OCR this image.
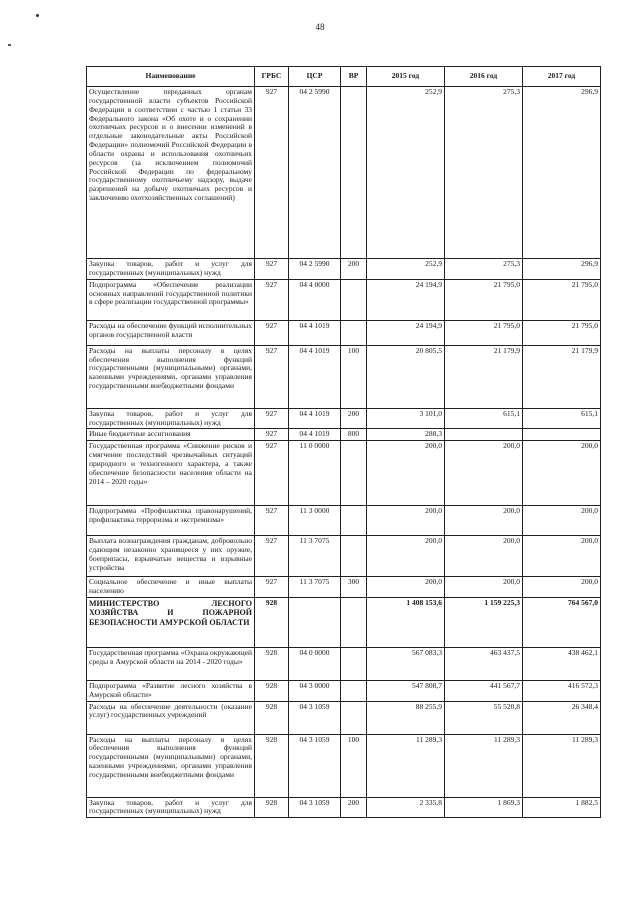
48
Наименование	ГРБС	ЦСР	ВР	2015 год	2016 год	2017 год
Осуществление переданных органам государственной власти субъектов Российской Федерации в соответствии с частью 1 статьи 33 Федерального закона «Об охоте и о сохранении охотничьих ресурсов и о внесении изменений в отдельные законодательные акты Российской Федерации» полномочий Российской Федерации в области охраны и использования охотничьих ресурсов (за исключением полномочий Российской Федерации по федеральному государственному охотничьему надзору, выдаче разрешений на добычу охотничьих ресурсов и заключению охотхозяйственных соглашений)	927	04 2 5990		252,9	275,3	296,9
Закупка товаров, работ и услуг для государственных (муниципальных) нужд	927	04 2 5990	200	252,9	275,3	296,9
Подпрограмма «Обеспечение реализации основных направлений государственной политики в сфере реализации государственной программы»	927	04 4 0000		24 194,9	21 795,0	21 795,0
Расходы на обеспечение функций исполнительных органов государственной власти	927	04 4 1019		24 194,9	21 795,0	21 795,0
Расходы на выплаты персоналу в целях обеспечения выполнения функций государственными (муниципальными) органами, казенными учреждениями, органами управления государственными внебюджетными фондами	927	04 4 1019	100	20 805,5	21 179,9	21 179,9
Закупка товаров, работ и услуг для государственных (муниципальных) нужд	927	04 4 1019	200	3 101,0	615,1	615,1
Иные бюджетные ассигнования	927	04 4 1019	800	288,3		
Государственная программа «Снижение рисков и смягчение последствий чрезвычайных ситуаций природного и техногенного характера, а также обеспечение безопасности населения области на 2014 – 2020 годы»	927	11 0 0000		200,0	200,0	200,0
Подпрограмма «Профилактика правонарушений, профилактика терроризма и экстремизма»	927	11 3 0000		200,0	200,0	200,0
Выплата вознаграждения гражданам, добровольно сдающим незаконно хранящееся у них оружие, боеприпасы, взрывчатые вещества и взрывные устройства	927	11 3 7075		200,0	200,0	200,0
Социальное обеспечение и иные выплаты населению	927	11 3 7075	300	200,0	200,0	200,0
МИНИСТЕРСТВО ЛЕСНОГО ХОЗЯЙСТВА И ПОЖАРНОЙ БЕЗОПАСНОСТИ АМУРСКОЙ ОБЛАСТИ	928			1 408 153,6	1 159 225,3	764 567,0
Государственная программа «Охрана окружающей среды в Амурской области на 2014 - 2020 годы»	928	04 0 0000		567 083,3	463 437,5	438 462,1
Подпрограмма «Развитие лесного хозяйства в Амурской области»	928	04 3 0000		547 808,7	441 567,7	416 572,3
Расходы на обеспечение деятельности (оказание услуг) государственных учреждений	928	04 3 1059		88 255,9	55 520,8	26 348,4
Расходы на выплаты персоналу в целях обеспечения выполнения функций государственными (муниципальными) органами, казенными учреждениями, органами управления государственными внебюджетными фондами	928	04 3 1059	100	11 289,3	11 289,3	11 289,3
Закупка товаров, работ и услуг для государственных (муниципальных) нужд	928	04 3 1059	200	2 335,8	1 869,3	1 882,5
